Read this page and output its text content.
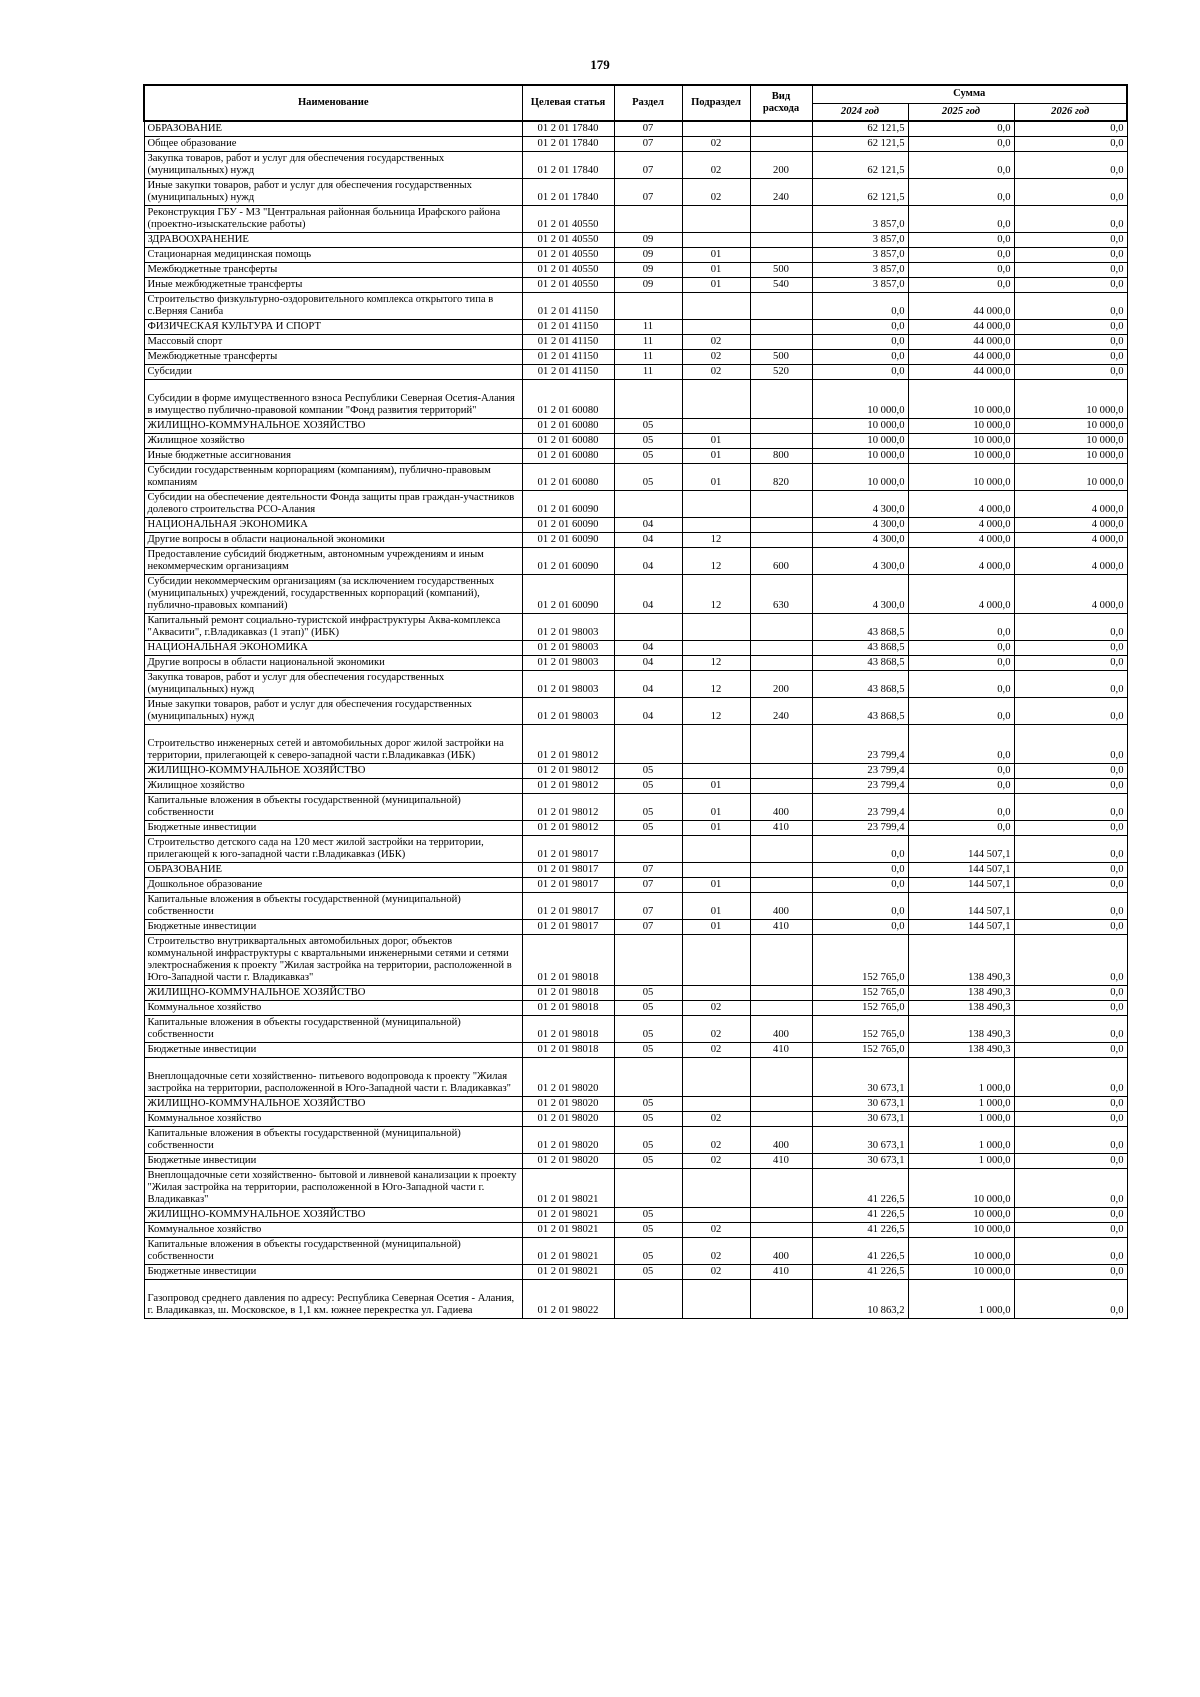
179
Наименование	Целевая статья	Раздел	Подраздел	Вид расхода	Сумма		
					2024 год	2025 год	2026 год
ОБРАЗОВАНИЕ	01 2 01 17840	07			62 121,5	0,0	0,0
Общее образование	01 2 01 17840	07	02		62 121,5	0,0	0,0
Закупка товаров, работ и услуг для обеспечения государственных (муниципальных) нужд	01 2 01 17840	07	02	200	62 121,5	0,0	0,0
Иные закупки товаров, работ и услуг для обеспечения государственных (муниципальных) нужд	01 2 01 17840	07	02	240	62 121,5	0,0	0,0
Реконструкция ГБУ - МЗ "Центральная районная больница Ирафского района (проектно-изыскательские работы)	01 2 01 40550				3 857,0	0,0	0,0
ЗДРАВООХРАНЕНИЕ	01 2 01 40550	09			3 857,0	0,0	0,0
Стационарная медицинская помощь	01 2 01 40550	09	01		3 857,0	0,0	0,0
Межбюджетные трансферты	01 2 01 40550	09	01	500	3 857,0	0,0	0,0
Иные межбюджетные трансферты	01 2 01 40550	09	01	540	3 857,0	0,0	0,0
Строительство физкультурно-оздоровительного комплекса открытого типа в с.Верняя Саниба	01 2 01 41150				0,0	44 000,0	0,0
ФИЗИЧЕСКАЯ КУЛЬТУРА И СПОРТ	01 2 01 41150	11			0,0	44 000,0	0,0
Массовый спорт	01 2 01 41150	11	02		0,0	44 000,0	0,0
Межбюджетные трансферты	01 2 01 41150	11	02	500	0,0	44 000,0	0,0
Субсидии	01 2 01 41150	11	02	520	0,0	44 000,0	0,0
Субсидии в форме имущественного взноса Республики Северная Осетия-Алания в имущество публично-правовой компании "Фонд развития территорий"	01 2 01 60080				10 000,0	10 000,0	10 000,0
ЖИЛИЩНО-КОММУНАЛЬНОЕ ХОЗЯЙСТВО	01 2 01 60080	05			10 000,0	10 000,0	10 000,0
Жилищное хозяйство	01 2 01 60080	05	01		10 000,0	10 000,0	10 000,0
Иные бюджетные ассигнования	01 2 01 60080	05	01	800	10 000,0	10 000,0	10 000,0
Субсидии государственным корпорациям (компаниям), публично-правовым компаниям	01 2 01 60080	05	01	820	10 000,0	10 000,0	10 000,0
Субсидии на обеспечение деятельности Фонда защиты прав граждан-участников долевого строительства РСО-Алания	01 2 01 60090				4 300,0	4 000,0	4 000,0
НАЦИОНАЛЬНАЯ ЭКОНОМИКА	01 2 01 60090	04			4 300,0	4 000,0	4 000,0
Другие вопросы в области национальной экономики	01 2 01 60090	04	12		4 300,0	4 000,0	4 000,0
Предоставление субсидий бюджетным, автономным учреждениям и иным некоммерческим организациям	01 2 01 60090	04	12	600	4 300,0	4 000,0	4 000,0
Субсидии некоммерческим организациям (за исключением государственных (муниципальных) учреждений, государственных корпораций (компаний), публично-правовых компаний)	01 2 01 60090	04	12	630	4 300,0	4 000,0	4 000,0
Капитальный ремонт социально-туристской инфраструктуры Аква-комплекса "Аквасити", г.Владикавказ (1 этап)" (ИБК)	01 2 01 98003				43 868,5	0,0	0,0
НАЦИОНАЛЬНАЯ ЭКОНОМИКА	01 2 01 98003	04			43 868,5	0,0	0,0
Другие вопросы в области национальной экономики	01 2 01 98003	04	12		43 868,5	0,0	0,0
Закупка товаров, работ и услуг для обеспечения государственных (муниципальных) нужд	01 2 01 98003	04	12	200	43 868,5	0,0	0,0
Иные закупки товаров, работ и услуг для обеспечения государственных (муниципальных) нужд	01 2 01 98003	04	12	240	43 868,5	0,0	0,0
Строительство инженерных сетей и автомобильных дорог жилой застройки на территории, прилегающей к северо-западной части г.Владикавказ (ИБК)	01 2 01 98012				23 799,4	0,0	0,0
ЖИЛИЩНО-КОММУНАЛЬНОЕ ХОЗЯЙСТВО	01 2 01 98012	05			23 799,4	0,0	0,0
Жилищное хозяйство	01 2 01 98012	05	01		23 799,4	0,0	0,0
Капитальные вложения в объекты государственной (муниципальной) собственности	01 2 01 98012	05	01	400	23 799,4	0,0	0,0
Бюджетные инвестиции	01 2 01 98012	05	01	410	23 799,4	0,0	0,0
Строительство детского сада на 120 мест жилой застройки на территории, прилегающей к юго-западной части г.Владикавказ (ИБК)	01 2 01 98017				0,0	144 507,1	0,0
ОБРАЗОВАНИЕ	01 2 01 98017	07			0,0	144 507,1	0,0
Дошкольное образование	01 2 01 98017	07	01		0,0	144 507,1	0,0
Капитальные вложения в объекты государственной (муниципальной) собственности	01 2 01 98017	07	01	400	0,0	144 507,1	0,0
Бюджетные инвестиции	01 2 01 98017	07	01	410	0,0	144 507,1	0,0
Строительство внутриквартальных автомобильных дорог, объектов коммунальной инфраструктуры с квартальными инженерными сетями и сетями электроснабжения к проекту "Жилая застройка на территории, расположенной в Юго-Западной части г. Владикавказ"	01 2 01 98018				152 765,0	138 490,3	0,0
ЖИЛИЩНО-КОММУНАЛЬНОЕ ХОЗЯЙСТВО	01 2 01 98018	05			152 765,0	138 490,3	0,0
Коммунальное хозяйство	01 2 01 98018	05	02		152 765,0	138 490,3	0,0
Капитальные вложения в объекты государственной (муниципальной) собственности	01 2 01 98018	05	02	400	152 765,0	138 490,3	0,0
Бюджетные инвестиции	01 2 01 98018	05	02	410	152 765,0	138 490,3	0,0
Внеплощадочные сети хозяйственно- питьевого водопровода к проекту "Жилая застройка на территории, расположенной в Юго-Западной части г. Владикавказ"	01 2 01 98020				30 673,1	1 000,0	0,0
ЖИЛИЩНО-КОММУНАЛЬНОЕ ХОЗЯЙСТВО	01 2 01 98020	05			30 673,1	1 000,0	0,0
Коммунальное хозяйство	01 2 01 98020	05	02		30 673,1	1 000,0	0,0
Капитальные вложения в объекты государственной (муниципальной) собственности	01 2 01 98020	05	02	400	30 673,1	1 000,0	0,0
Бюджетные инвестиции	01 2 01 98020	05	02	410	30 673,1	1 000,0	0,0
Внеплощадочные сети хозяйственно- бытовой и ливневой канализации к проекту "Жилая застройка на территории, расположенной в Юго-Западной части г. Владикавказ"	01 2 01 98021				41 226,5	10 000,0	0,0
ЖИЛИЩНО-КОММУНАЛЬНОЕ ХОЗЯЙСТВО	01 2 01 98021	05			41 226,5	10 000,0	0,0
Коммунальное хозяйство	01 2 01 98021	05	02		41 226,5	10 000,0	0,0
Капитальные вложения в объекты государственной (муниципальной) собственности	01 2 01 98021	05	02	400	41 226,5	10 000,0	0,0
Бюджетные инвестиции	01 2 01 98021	05	02	410	41 226,5	10 000,0	0,0
Газопровод среднего давления по адресу: Республика Северная Осетия - Алания, г. Владикавказ, ш. Московское, в 1,1 км. южнее перекрестка ул. Гадиева	01 2 01 98022				10 863,2	1 000,0	0,0
